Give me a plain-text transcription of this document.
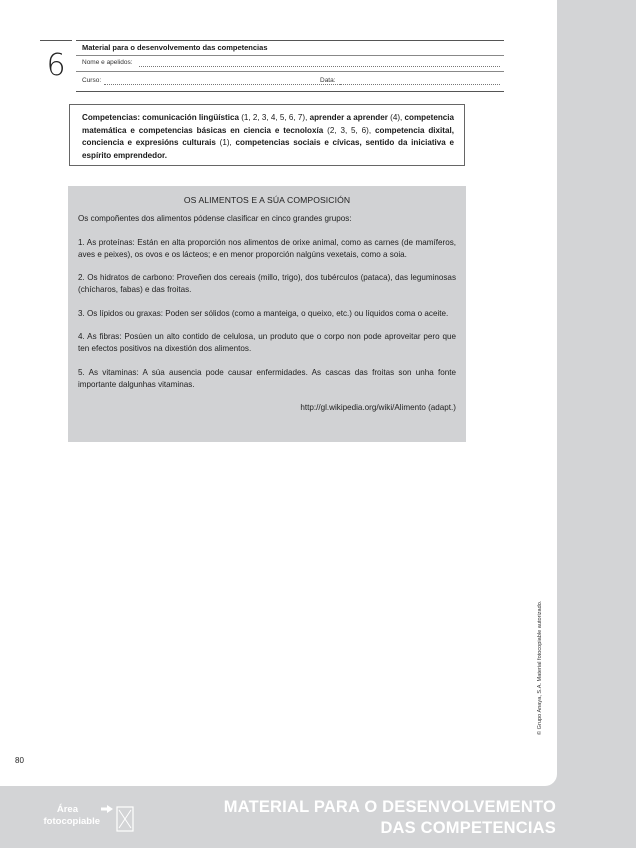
6
Material para o desenvolvemento das competencias
Nome e apelidos:
Curso:	Data:
Competencias: comunicación lingüística (1, 2, 3, 4, 5, 6, 7), aprender a aprender (4), competencia matemática e competencias básicas en ciencia e tecnoloxía (2, 3, 5, 6), competencia dixital, conciencia e expresións culturais (1), competencias sociais e cívicas, sentido da iniciativa e espírito emprendedor.
OS ALIMENTOS E A SÚA COMPOSICIÓN

Os compoñentes dos alimentos pódense clasificar en cinco grandes grupos:

1. As proteínas: Están en alta proporción nos alimentos de orixe animal, como as carnes (de mamíferos, aves e peixes), os ovos e os lácteos; e en menor proporción nalgúns vexetais, como a soia.

2. Os hidratos de carbono: Proveñen dos cereais (millo, trigo), dos tubérculos (pataca), das leguminosas (chícharos, fabas) e das froitas.

3. Os lípidos ou graxas: Poden ser sólidos (como a manteiga, o queixo, etc.) ou líquidos coma o aceite.

4. As fibras: Posúen un alto contido de celulosa, un produto que o corpo non pode aproveitar pero que ten efectos positivos na dixestión dos alimentos.

5. As vitaminas: A súa ausencia pode causar enfermidades. As cascas das froitas son unha fonte importante dalgunhas vitaminas.

http://gl.wikipedia.org/wiki/Alimento (adapt.)

© Grupo Anaya, S.A. Material fotocopiable autorizado.
80
Área
fotocopiable
MATERIAL PARA O DESENVOLVEMENTO
DAS COMPETENCIAS
